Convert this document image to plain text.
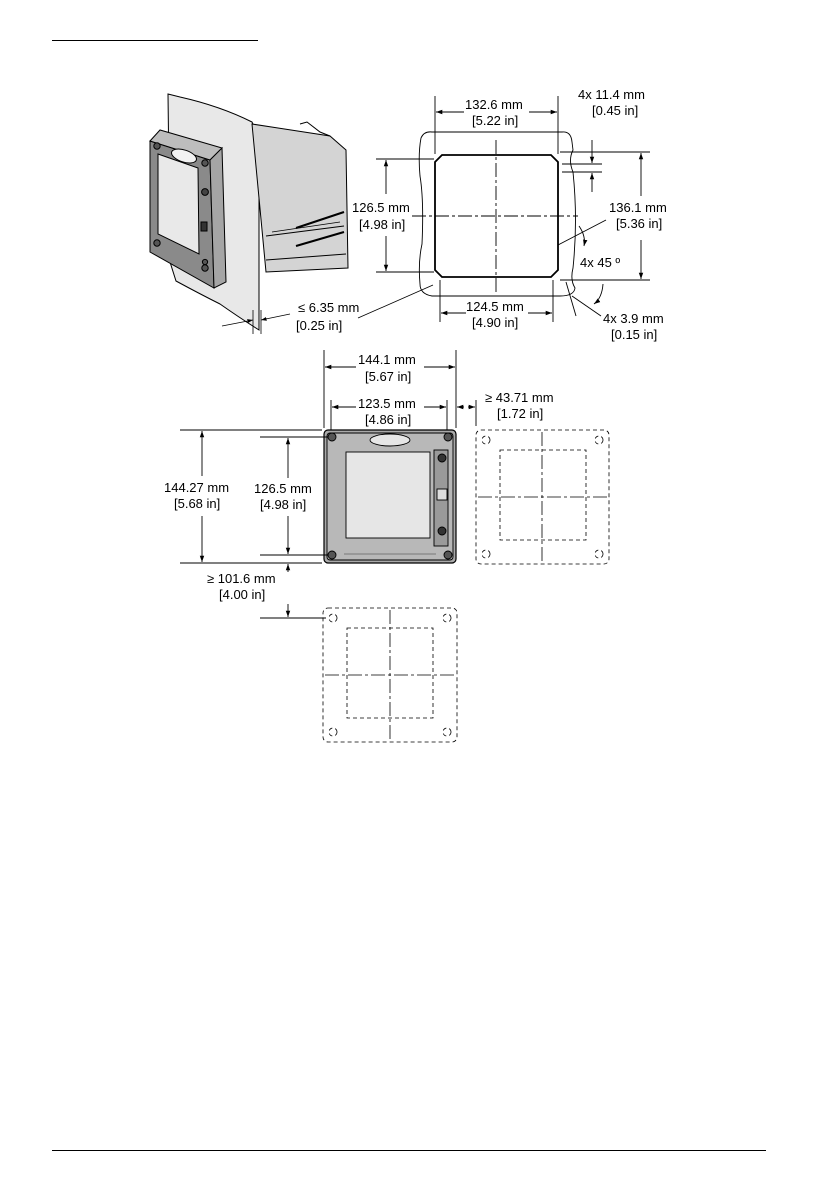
≤ 6.35 mm
[0.25 in]
132.6 mm
[5.22 in]
4x 11.4 mm
[0.45 in]
126.5 mm
[4.98 in]
136.1 mm
[5.36 in]
4x 45 º
124.5 mm
[4.90 in]	4x 3.9 mm
[0.15 in]
144.1 mm
[5.67 in]
123.5 mm
[4.86 in]
≥ 43.71 mm
[1.72 in]
144.27 mm
[5.68 in]
126.5 mm
[4.98 in]
≥ 101.6 mm
[4.00 in]
